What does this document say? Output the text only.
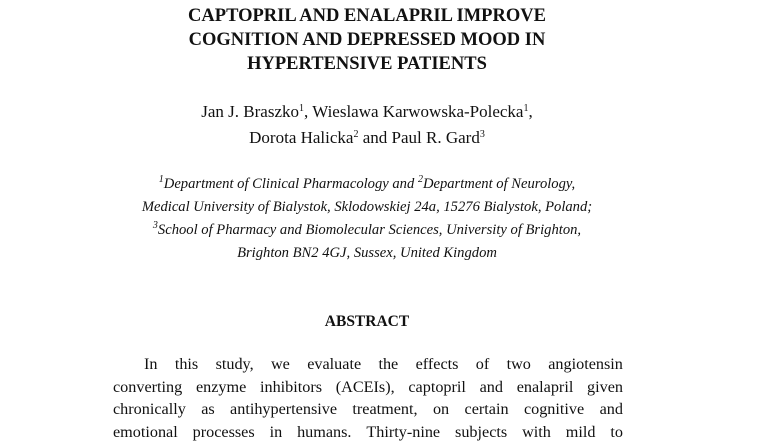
CAPTOPRIL AND ENALAPRIL IMPROVE
COGNITION AND DEPRESSED MOOD IN
HYPERTENSIVE PATIENTS
Jan J. Braszko$^1$, Wieslawa Karwowska-Polecka$^1$,
Dorota Halicka$^2$ and Paul R. Gard$^3$
$^1$Department of Clinical Pharmacology and $^2$Department of Neurology,
Medical University of Bialystok, Sklodowskiej 24a, 15276 Bialystok, Poland;
$^3$School of Pharmacy and Biomolecular Sciences, University of Brighton,
Brighton BN2 4GJ, Sussex, United Kingdom
ABSTRACT
In this study, we evaluate the effects of two angiotensin
converting enzyme inhibitors (ACEIs), captopril and enalapril given
chronically as antihypertensive treatment, on certain cognitive and
emotional processes in humans. Thirty-nine subjects with mild to
